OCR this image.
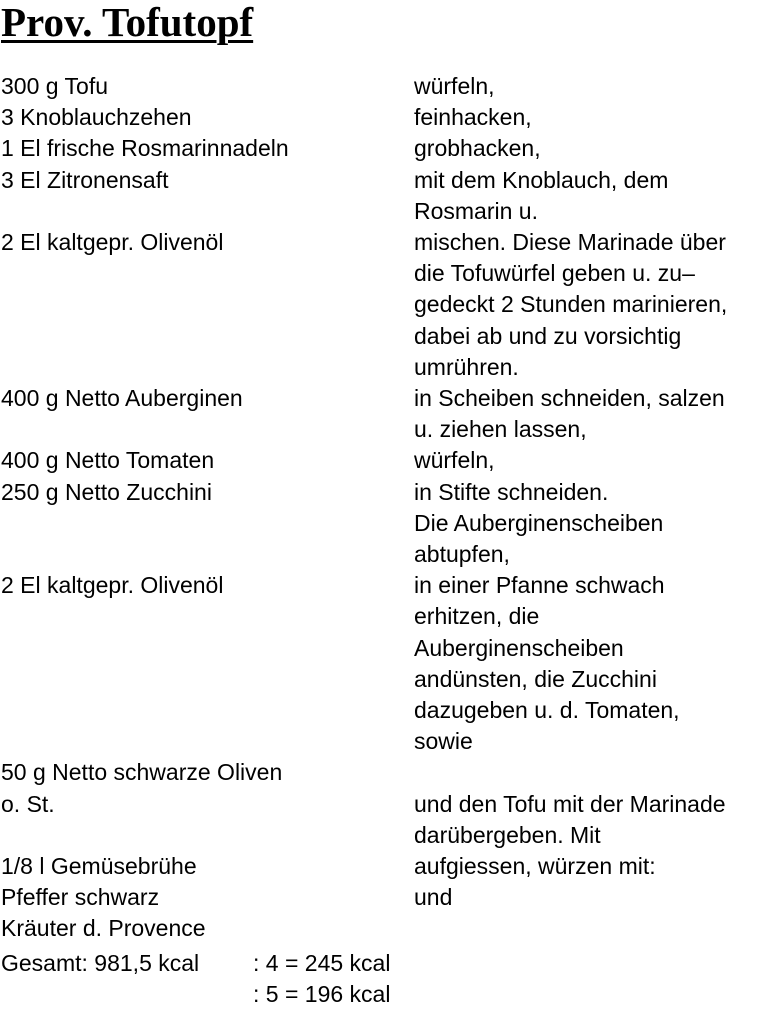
Prov. Tofutopf
300 g Tofu	würfeln,
3 Knoblauchzehen	feinhacken,
1 El frische Rosmarinnadeln	grobhacken,
3 El Zitronensaft	mit dem Knoblauch, dem
Rosmarin u.
2 El kaltgepr. Olivenöl	mischen. Diese Marinade über
die Tofuwürfel geben u. zu–
gedeckt 2 Stunden marinieren,
dabei ab und zu vorsichtig
umrühren.
400 g Netto Auberginen	in Scheiben schneiden, salzen
u. ziehen lassen,
400 g Netto Tomaten	würfeln,
250 g Netto Zucchini	in Stifte schneiden.
Die Auberginenscheiben
abtupfen,
2 El kaltgepr. Olivenöl	in einer Pfanne schwach
erhitzen, die
Auberginenscheiben
andünsten, die Zucchini
dazugeben u. d. Tomaten,
sowie
50 g Netto schwarze Oliven
o. St.	und den Tofu mit der Marinade
darübergeben. Mit
1/8 l Gemüsebrühe	aufgiessen, würzen mit:
Pfeffer schwarz	und
Kräuter d. Provence
Gesamt: 981,5 kcal	: 4 = 245 kcal
: 5 = 196 kcal
